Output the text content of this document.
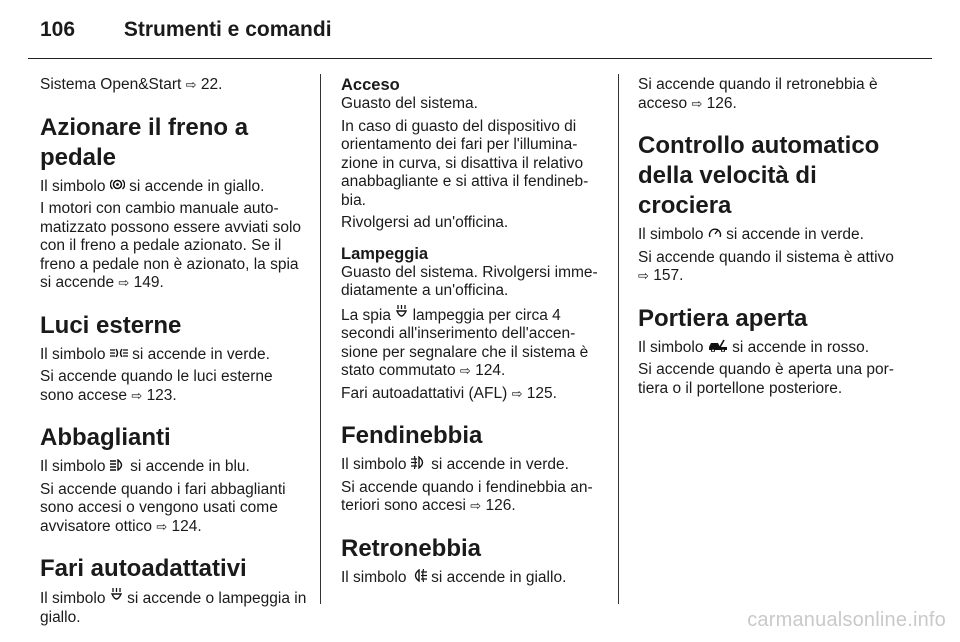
106 Strumenti e comandi

Sistema Open&Start ⇨ 22.

Azionare il freno a pedale

Il simbolo si accende in giallo.

I motori con cambio manuale auto- matizzato possono essere avviati solo con il freno a pedale azionato. Se il freno a pedale non è azionato, la spia si accende ⇨ 149.

Luci esterne

Il simbolo si accende in verde.

Si accende quando le luci esterne sono accese ⇨ 123.

Abbaglianti

Il simbolo si accende in blu.

Si accende quando i fari abbaglianti sono accesi o vengono usati come avvisatore ottico ⇨ 124.

Fari autoadattativi

Il simbolo si accende o lampeggia in giallo.

Acceso

Guasto del sistema.

In caso di guasto del dispositivo di orientamento dei fari per l'illumina- zione in curva, si disattiva il relativo anabbagliante e si attiva il fendineb- bia.

Rivolgersi ad un'officina.

Lampeggia

Guasto del sistema. Rivolgersi imme- diatamente a un'officina.

La spia lampeggia per circa 4 secondi all'inserimento dell'accen- sione per segnalare che il sistema è stato commutato ⇨ 124.

Fari autoadattativi (AFL) ⇨ 125.

Fendinebbia

Il simbolo si accende in verde.

Si accende quando i fendinebbia an- teriori sono accesi ⇨ 126.

Retronebbia

Il simbolo si accende in giallo.

Si accende quando il retronebbia è acceso ⇨ 126.

Controllo automatico della velocità di crociera

Il simbolo si accende in verde.

Si accende quando il sistema è attivo ⇨ 157.

Portiera aperta

Il simbolo si accende in rosso.

Si accende quando è aperta una por- tiera o il portellone posteriore.

carmanualsonline.info
